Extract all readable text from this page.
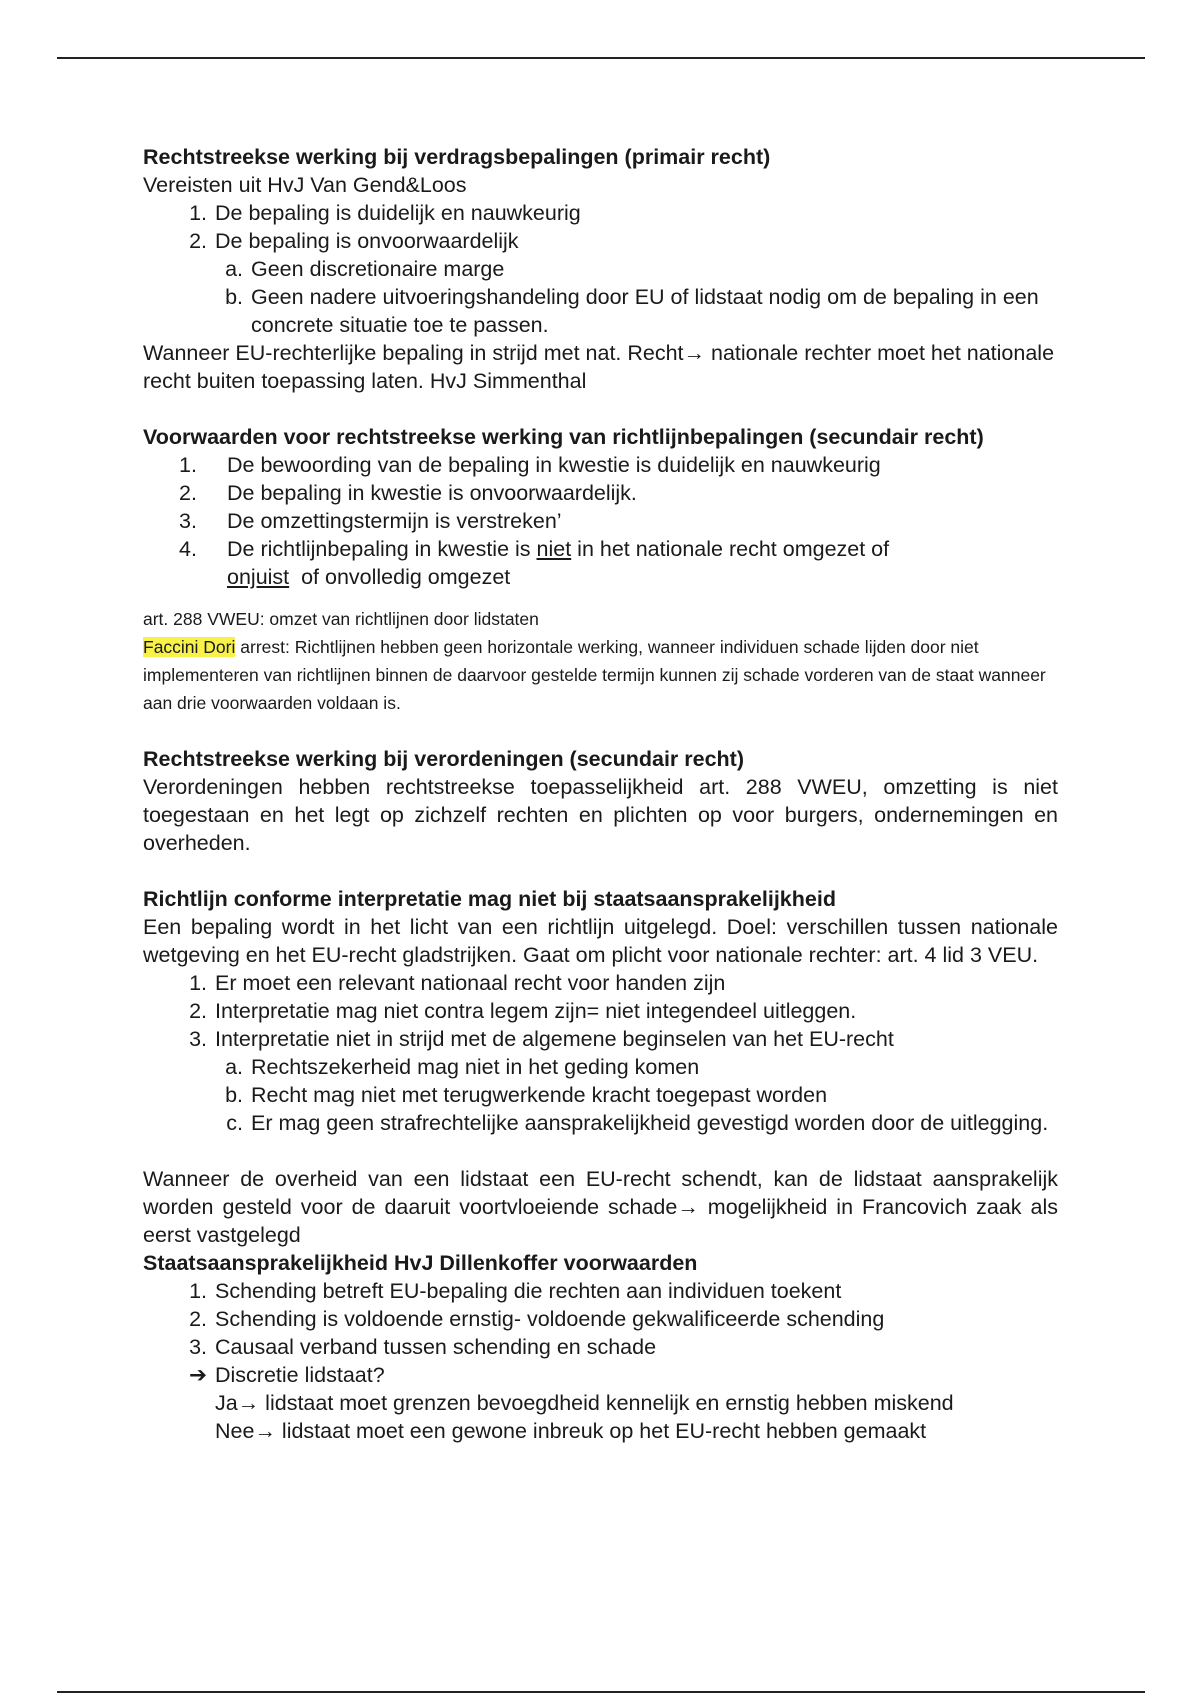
Rechtstreekse werking bij verdragsbepalingen (primair recht)

Vereisten uit HvJ Van Gend&Loos

1. De bepaling is duidelijk en nauwkeurig
2. De bepaling is onvoorwaardelijk
a. Geen discretionaire marge
b. Geen nadere uitvoeringshandeling door EU of lidstaat nodig om de bepaling in een concrete situatie toe te passen.

Wanneer EU-rechterlijke bepaling in strijd met nat. Recht→ nationale rechter moet het nationale recht buiten toepassing laten. HvJ Simmenthal

Voorwaarden voor rechtstreekse werking van richtlijnbepalingen (secundair recht)

1.	De bewoording van de bepaling in kwestie is duidelijk en nauwkeurig
2.	De bepaling in kwestie is onvoorwaardelijk.
3.	De omzettingstermijn is verstreken’
4.	De richtlijnbepaling in kwestie is niet in het nationale recht omgezet of
onjuist  of onvolledig omgezet

art. 288 VWEU: omzet van richtlijnen door lidstaten

Faccini Dori arrest: Richtlijnen hebben geen horizontale werking, wanneer individuen schade lijden door niet implementeren van richtlijnen binnen de daarvoor gestelde termijn kunnen zij schade vorderen van de staat wanneer aan drie voorwaarden voldaan is.

Rechtstreekse werking bij verordeningen (secundair recht)

Verordeningen hebben rechtstreekse toepasselijkheid art. 288 VWEU, omzetting is niet toegestaan en het legt op zichzelf rechten en plichten op voor burgers, ondernemingen en overheden.

Richtlijn conforme interpretatie mag niet bij staatsaansprakelijkheid

Een bepaling wordt in het licht van een richtlijn uitgelegd. Doel: verschillen tussen nationale wetgeving en het EU-recht gladstrijken. Gaat om plicht voor nationale rechter: art. 4 lid 3 VEU.

1. Er moet een relevant nationaal recht voor handen zijn
2. Interpretatie mag niet contra legem zijn= niet integendeel uitleggen.
3. Interpretatie niet in strijd met de algemene beginselen van het EU-recht
a. Rechtszekerheid mag niet in het geding komen
b. Recht mag niet met terugwerkende kracht toegepast worden
c. Er mag geen strafrechtelijke aansprakelijkheid gevestigd worden door de uitlegging.

Wanneer de overheid van een lidstaat een EU-recht schendt, kan de lidstaat aansprakelijk worden gesteld voor de daaruit voortvloeiende schade→ mogelijkheid in Francovich zaak als eerst vastgelegd

Staatsaansprakelijkheid HvJ Dillenkoffer voorwaarden

1. Schending betreft EU-bepaling die rechten aan individuen toekent
2. Schending is voldoende ernstig- voldoende gekwalificeerde schending
3. Causaal verband tussen schending en schade
➔ Discretie lidstaat?

Ja→ lidstaat moet grenzen bevoegdheid kennelijk en ernstig hebben miskend

Nee→ lidstaat moet een gewone inbreuk op het EU-recht hebben gemaakt
